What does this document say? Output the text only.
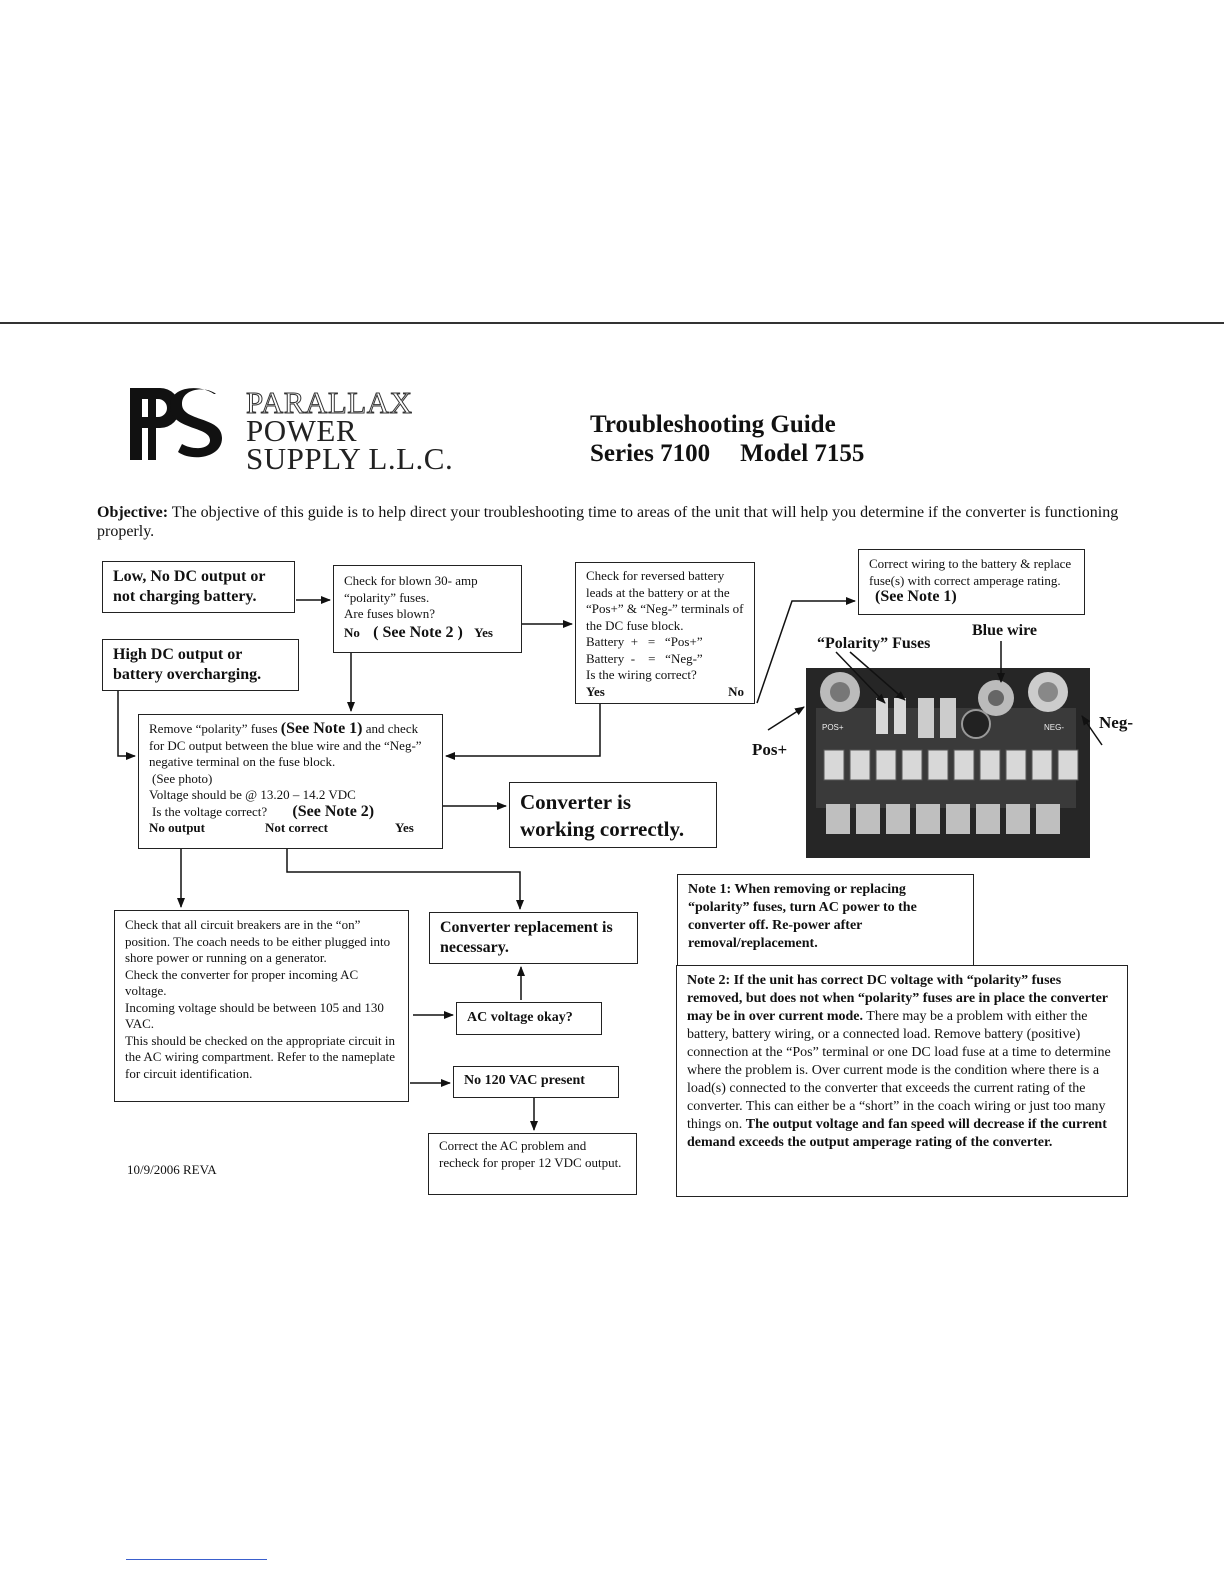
PARALLAX
POWER
SUPPLY L.L.C.
Troubleshooting Guide
Series 7100 Model 7155
Objective: The objective of this guide is to help direct your troubleshooting time to areas of the unit that will help you determine if the converter is functioning properly.
Low, No DC output or not charging battery.
High DC output or battery overcharging.
Check for blown 30- amp “polarity” fuses.
Are fuses blown?
No ( See Note 2 ) Yes
Check for reversed battery leads at the battery or at the “Pos+” & “Neg-” terminals of the DC fuse block.
Battery  +   =   “Pos+”
Battery  -    =   “Neg-”
Is the wiring correct?
Yes	No
Correct wiring to the battery & replace fuse(s) with correct amperage rating. (See Note 1)
Remove “polarity” fuses (See Note 1) and check for DC output between the blue wire and the “Neg-” negative terminal on the fuse block.
(See photo)
Voltage should be @ 13.20 – 14.2 VDC
Is the voltage correct? (See Note 2)
No output	Not correct	Yes
Converter is working correctly.
Check that all circuit breakers are in the “on” position. The coach needs to be either plugged into shore power or running on a generator.
Check the converter for proper incoming AC voltage.
Incoming voltage should be between 105 and 130 VAC.
This should be checked on the appropriate circuit in the AC wiring compartment. Refer to the nameplate for circuit identification.
Converter replacement is necessary.
AC voltage okay?
No 120 VAC present
Correct the AC problem and recheck for proper 12 VDC output.
Note 1: When removing or replacing “polarity” fuses, turn AC power to the converter off. Re-power after removal/replacement.
Note 2: If the unit has correct DC voltage with “polarity” fuses removed, but does not when “polarity” fuses are in place the converter may be in over current mode. There may be a problem with either the battery, battery wiring, or a connected load. Remove battery (positive) connection at the “Pos” terminal or one DC load fuse at a time to determine where the problem is. Over current mode is the condition where there is a load(s) connected to the converter that exceeds the current rating of the converter. This can either be a “short” in the coach wiring or just too many things on. The output voltage and fan speed will decrease if the current demand exceeds the output amperage rating of the converter.
10/9/2006 REVA
POS+	NEG-
“Polarity” Fuses
Blue wire
Pos+
Neg-
